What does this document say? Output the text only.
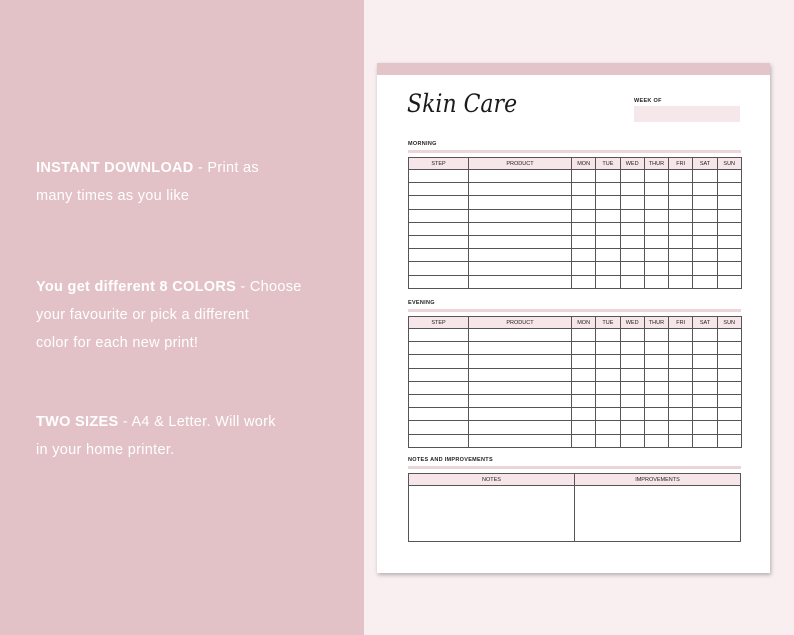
INSTANT DOWNLOAD - Print as
many times as you like

You get different 8 COLORS - Choose
your favourite or pick a different
color for each new print!

TWO SIZES - A4 & Letter. Will work
in your home printer.

Skin Care	WEEK OF
MORNING
STEP	PRODUCT	MON	TUE	WED	THUR	FRI	SAT	SUN

EVENING
STEP	PRODUCT	MON	TUE	WED	THUR	FRI	SAT	SUN

NOTES AND IMPROVEMENTS
NOTES	IMPROVEMENTS
